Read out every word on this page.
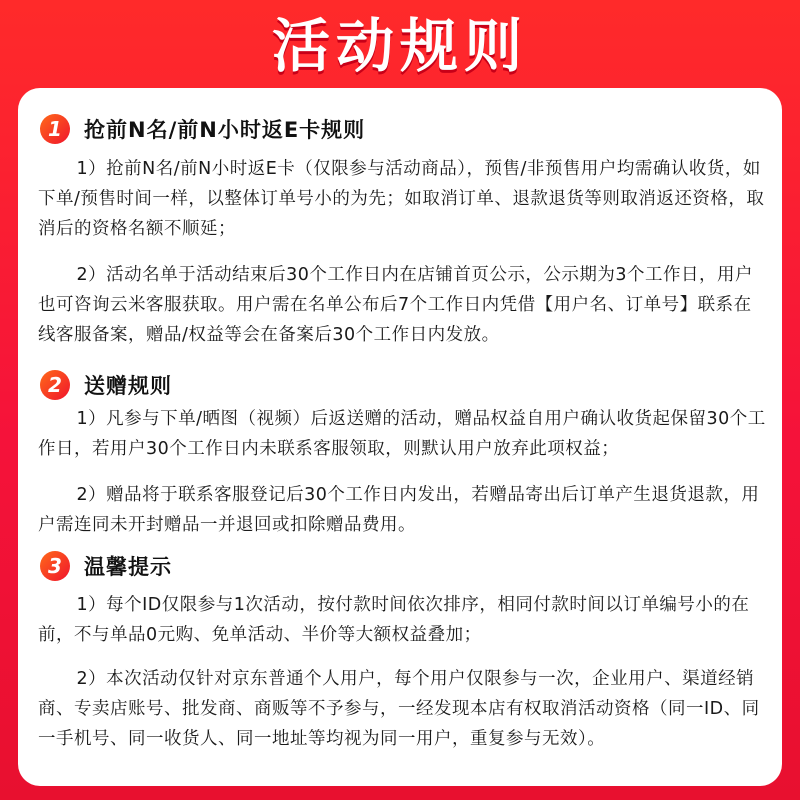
活动规则
1	抢前N名/前N小时返E卡规则

1）抢前N名/前N小时返E卡（仅限参与活动商品），预售/非预售用户均需确认收货，如下单/预售时间一样，以整体订单号小的为先；如取消订单、退款退货等则取消返还资格，取消后的资格名额不顺延；

2）活动名单于活动结束后30个工作日内在店铺首页公示，公示期为3个工作日，用户也可咨询云米客服获取。用户需在名单公布后7个工作日内凭借【用户名、订单号】联系在线客服备案，赠品/权益等会在备案后30个工作日内发放。

2	送赠规则

1）凡参与下单/晒图（视频）后返送赠的活动，赠品权益自用户确认收货起保留30个工作日，若用户30个工作日内未联系客服领取，则默认用户放弃此项权益；

2）赠品将于联系客服登记后30个工作日内发出，若赠品寄出后订单产生退货退款，用户需连同未开封赠品一并退回或扣除赠品费用。

3	温馨提示

1）每个ID仅限参与1次活动，按付款时间依次排序，相同付款时间以订单编号小的在前，不与单品0元购、免单活动、半价等大额权益叠加；

2）本次活动仅针对京东普通个人用户，每个用户仅限参与一次，企业用户、渠道经销商、专卖店账号、批发商、商贩等不予参与，一经发现本店有权取消活动资格（同一ID、同一手机号、同一收货人、同一地址等均视为同一用户，重复参与无效）。
